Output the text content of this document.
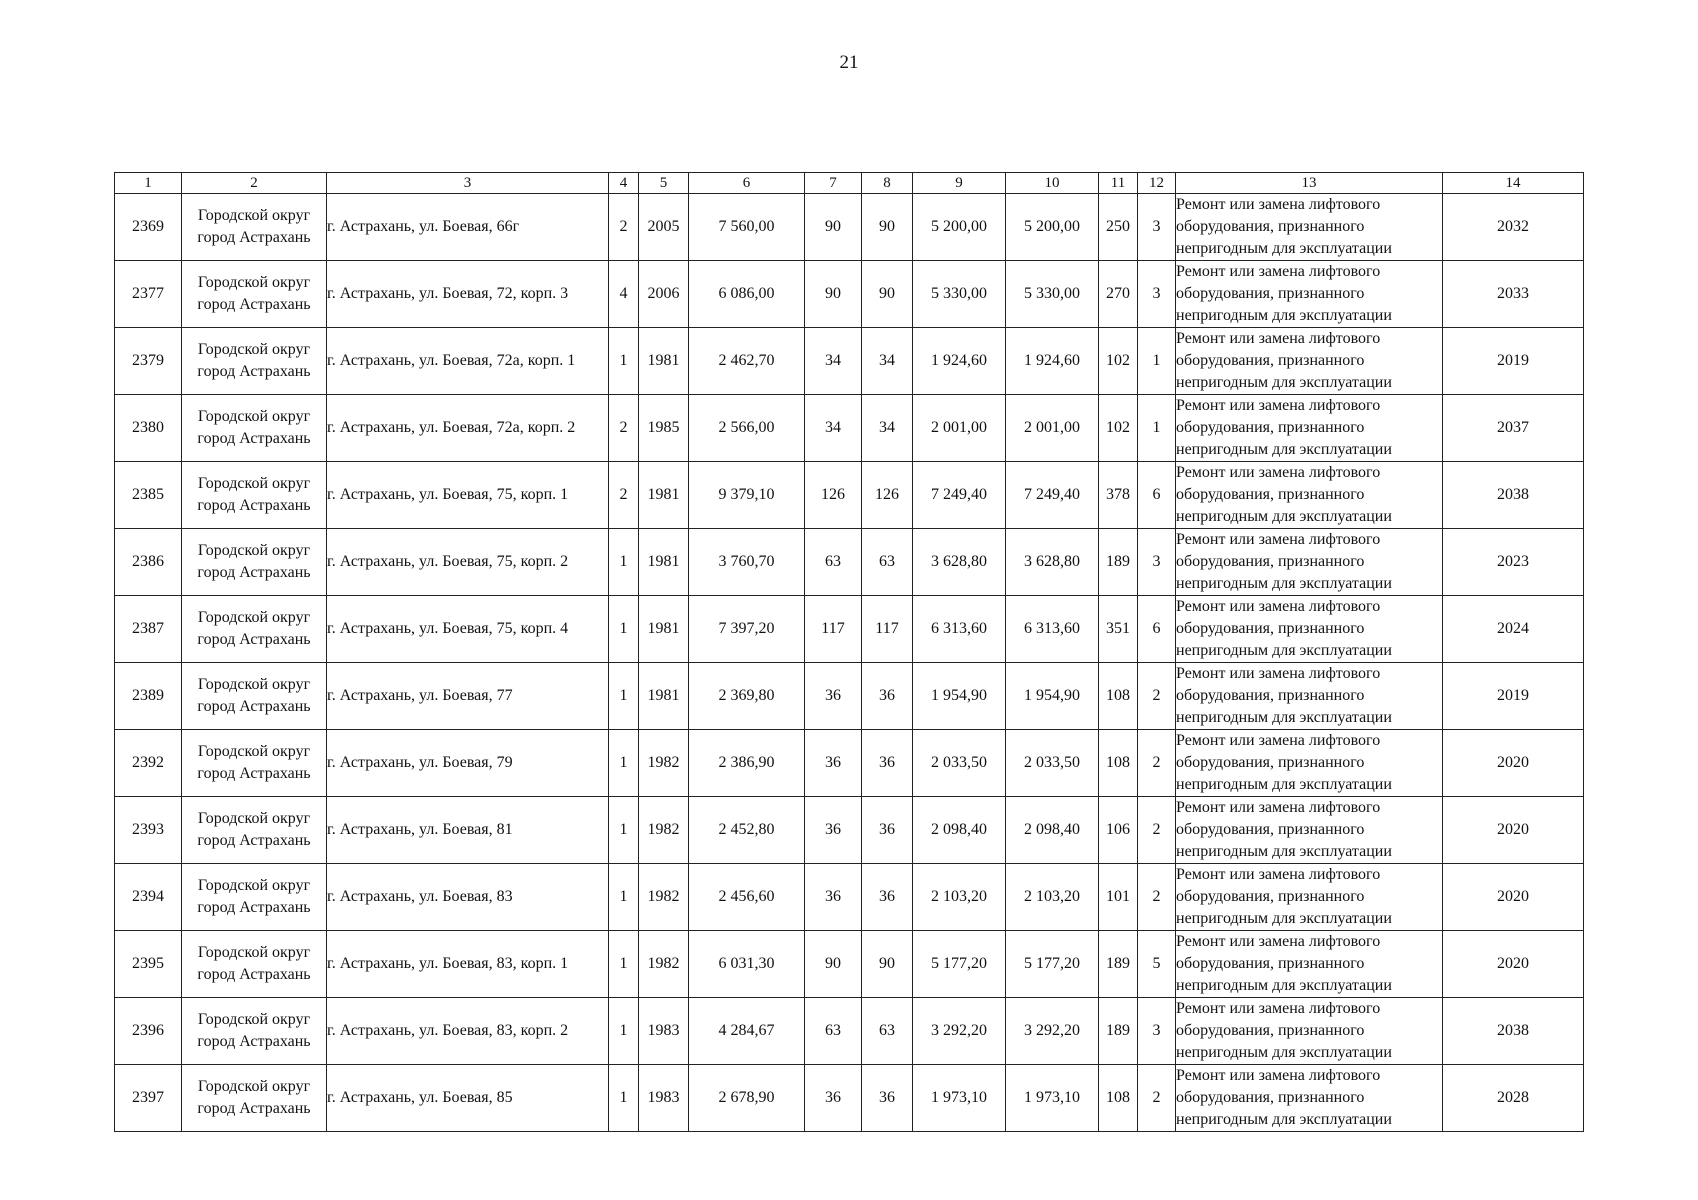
21
1	2	3	4	5	6	7	8	9	10	11	12	13	14
2369	Городской округ город Астрахань	г. Астрахань, ул. Боевая, 66г	2	2005	7 560,00	90	90	5 200,00	5 200,00	250	3	Ремонт или замена лифтового оборудования, признанного непригодным для эксплуатации	2032
2377	Городской округ город Астрахань	г. Астрахань, ул. Боевая, 72, корп. 3	4	2006	6 086,00	90	90	5 330,00	5 330,00	270	3	Ремонт или замена лифтового оборудования, признанного непригодным для эксплуатации	2033
2379	Городской округ город Астрахань	г. Астрахань, ул. Боевая, 72а, корп. 1	1	1981	2 462,70	34	34	1 924,60	1 924,60	102	1	Ремонт или замена лифтового оборудования, признанного непригодным для эксплуатации	2019
2380	Городской округ город Астрахань	г. Астрахань, ул. Боевая, 72а, корп. 2	2	1985	2 566,00	34	34	2 001,00	2 001,00	102	1	Ремонт или замена лифтового оборудования, признанного непригодным для эксплуатации	2037
2385	Городской округ город Астрахань	г. Астрахань, ул. Боевая, 75, корп. 1	2	1981	9 379,10	126	126	7 249,40	7 249,40	378	6	Ремонт или замена лифтового оборудования, признанного непригодным для эксплуатации	2038
2386	Городской округ город Астрахань	г. Астрахань, ул. Боевая, 75, корп. 2	1	1981	3 760,70	63	63	3 628,80	3 628,80	189	3	Ремонт или замена лифтового оборудования, признанного непригодным для эксплуатации	2023
2387	Городской округ город Астрахань	г. Астрахань, ул. Боевая, 75, корп. 4	1	1981	7 397,20	117	117	6 313,60	6 313,60	351	6	Ремонт или замена лифтового оборудования, признанного непригодным для эксплуатации	2024
2389	Городской округ город Астрахань	г. Астрахань, ул. Боевая, 77	1	1981	2 369,80	36	36	1 954,90	1 954,90	108	2	Ремонт или замена лифтового оборудования, признанного непригодным для эксплуатации	2019
2392	Городской округ город Астрахань	г. Астрахань, ул. Боевая, 79	1	1982	2 386,90	36	36	2 033,50	2 033,50	108	2	Ремонт или замена лифтового оборудования, признанного непригодным для эксплуатации	2020
2393	Городской округ город Астрахань	г. Астрахань, ул. Боевая, 81	1	1982	2 452,80	36	36	2 098,40	2 098,40	106	2	Ремонт или замена лифтового оборудования, признанного непригодным для эксплуатации	2020
2394	Городской округ город Астрахань	г. Астрахань, ул. Боевая, 83	1	1982	2 456,60	36	36	2 103,20	2 103,20	101	2	Ремонт или замена лифтового оборудования, признанного непригодным для эксплуатации	2020
2395	Городской округ город Астрахань	г. Астрахань, ул. Боевая, 83, корп. 1	1	1982	6 031,30	90	90	5 177,20	5 177,20	189	5	Ремонт или замена лифтового оборудования, признанного непригодным для эксплуатации	2020
2396	Городской округ город Астрахань	г. Астрахань, ул. Боевая, 83, корп. 2	1	1983	4 284,67	63	63	3 292,20	3 292,20	189	3	Ремонт или замена лифтового оборудования, признанного непригодным для эксплуатации	2038
2397	Городской округ город Астрахань	г. Астрахань, ул. Боевая, 85	1	1983	2 678,90	36	36	1 973,10	1 973,10	108	2	Ремонт или замена лифтового оборудования, признанного непригодным для эксплуатации	2028
